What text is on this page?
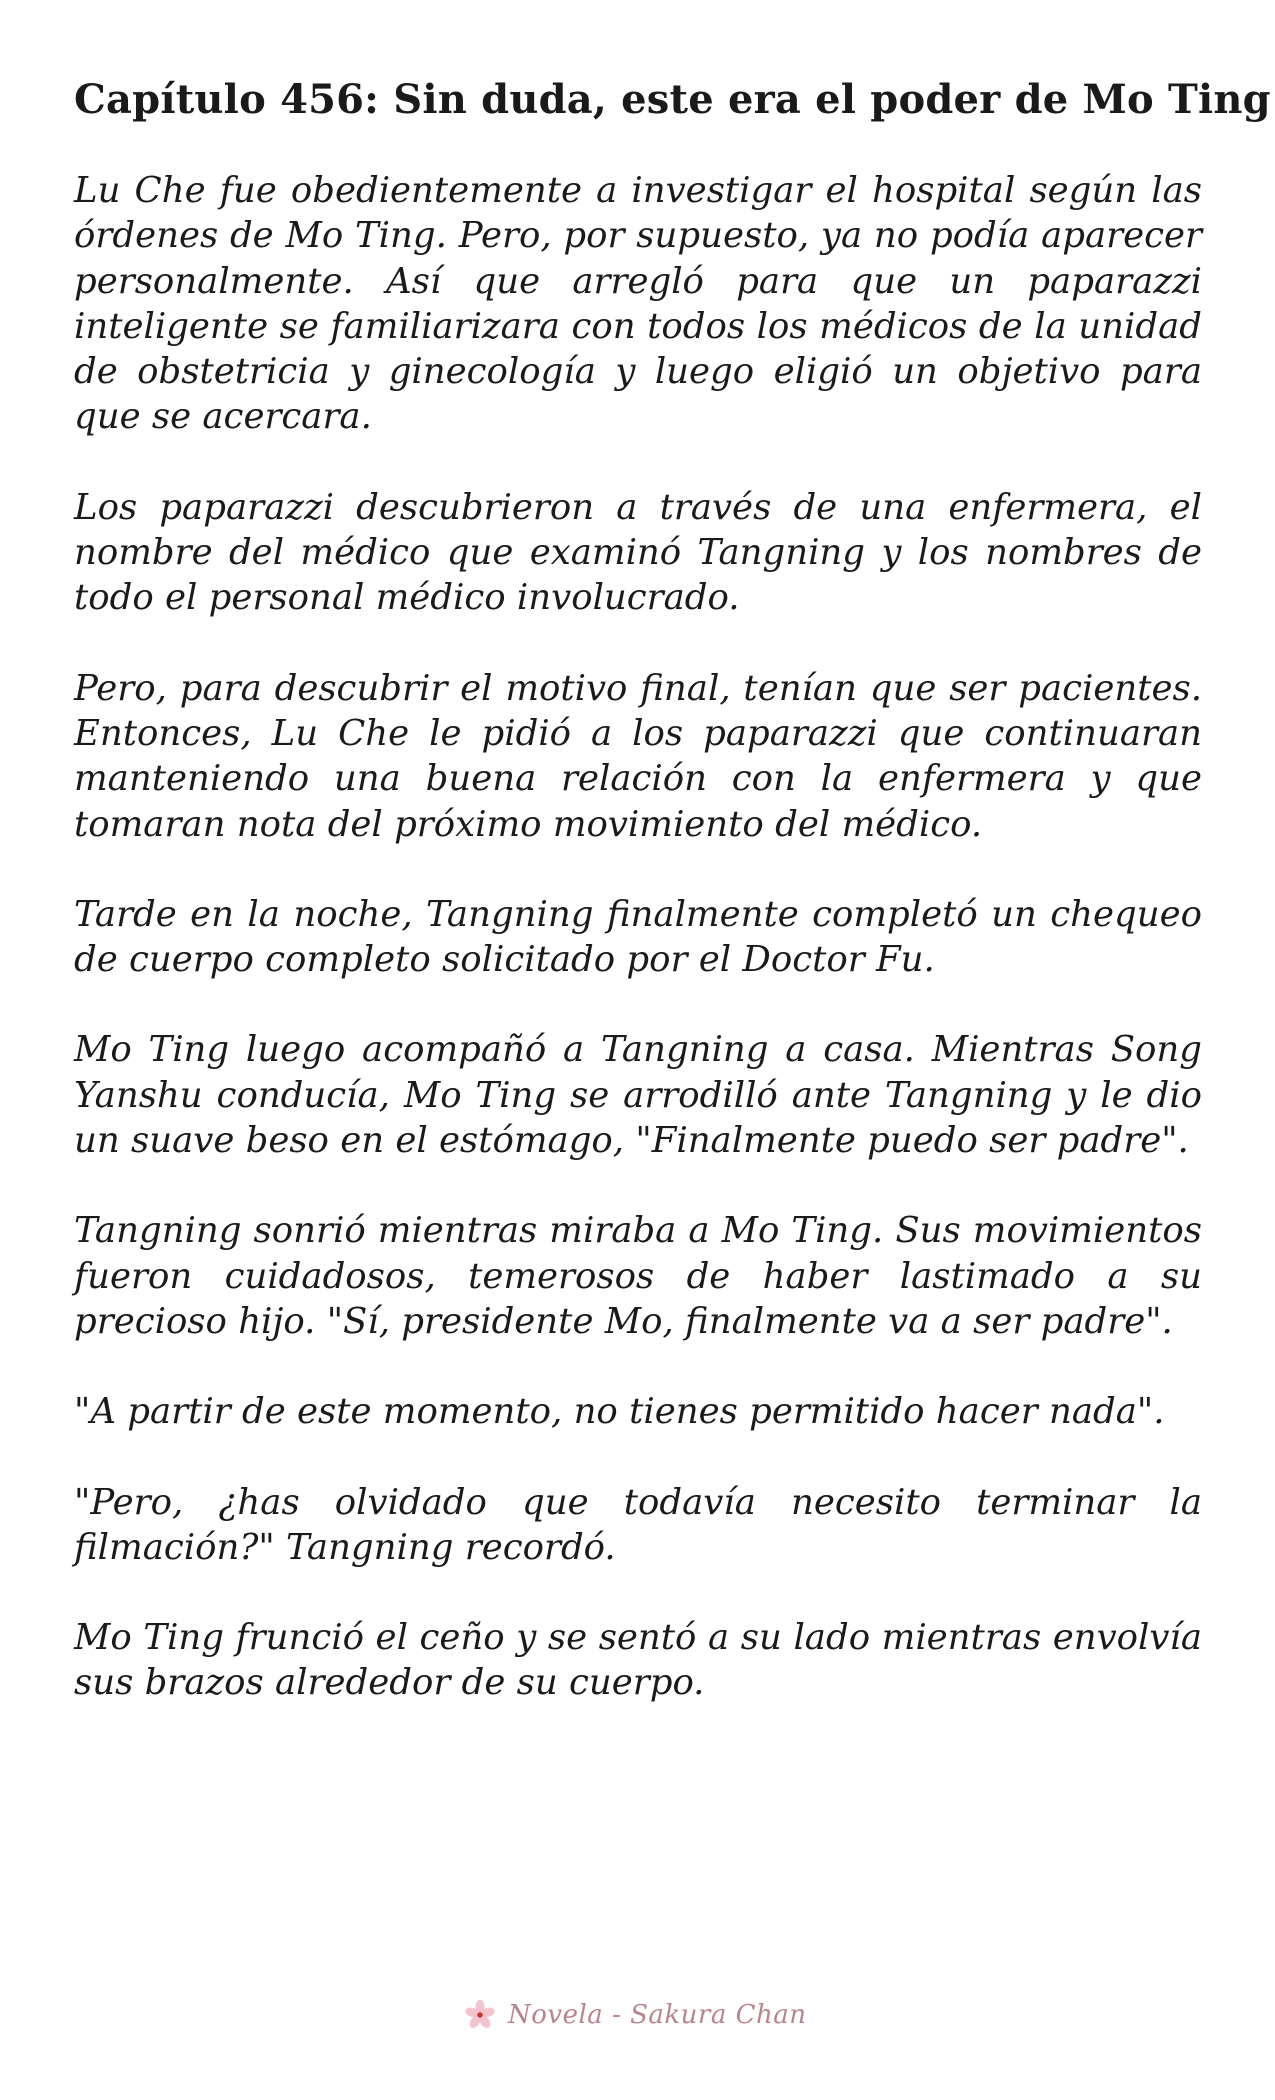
Capítulo 456: Sin duda, este era el poder de Mo Ting

Lu Che fue obedientemente a investigar el hospital según las órdenes de Mo Ting. Pero, por supuesto, ya no podía aparecer personalmente. Así que arregló para que un paparazzi inteligente se familiarizara con todos los médicos de la unidad de obstetricia y ginecología y luego eligió un objetivo para que se acercara.

Los paparazzi descubrieron a través de una enfermera, el nombre del médico que examinó Tangning y los nombres de todo el personal médico involucrado.

Pero, para descubrir el motivo final, tenían que ser pacientes. Entonces, Lu Che le pidió a los paparazzi que continuaran manteniendo una buena relación con la enfermera y que tomaran nota del próximo movimiento del médico.

Tarde en la noche, Tangning finalmente completó un chequeo de cuerpo completo solicitado por el Doctor Fu.

Mo Ting luego acompañó a Tangning a casa. Mientras Song Yanshu conducía, Mo Ting se arrodilló ante Tangning y le dio un suave beso en el estómago, "Finalmente puedo ser padre".

Tangning sonrió mientras miraba a Mo Ting. Sus movimientos fueron cuidadosos, temerosos de haber lastimado a su precioso hijo. "Sí, presidente Mo, finalmente va a ser padre".

"A partir de este momento, no tienes permitido hacer nada".

"Pero, ¿has olvidado que todavía necesito terminar la filmación?" Tangning recordó.

Mo Ting frunció el ceño y se sentó a su lado mientras envolvía sus brazos alrededor de su cuerpo.

Novela - Sakura Chan
